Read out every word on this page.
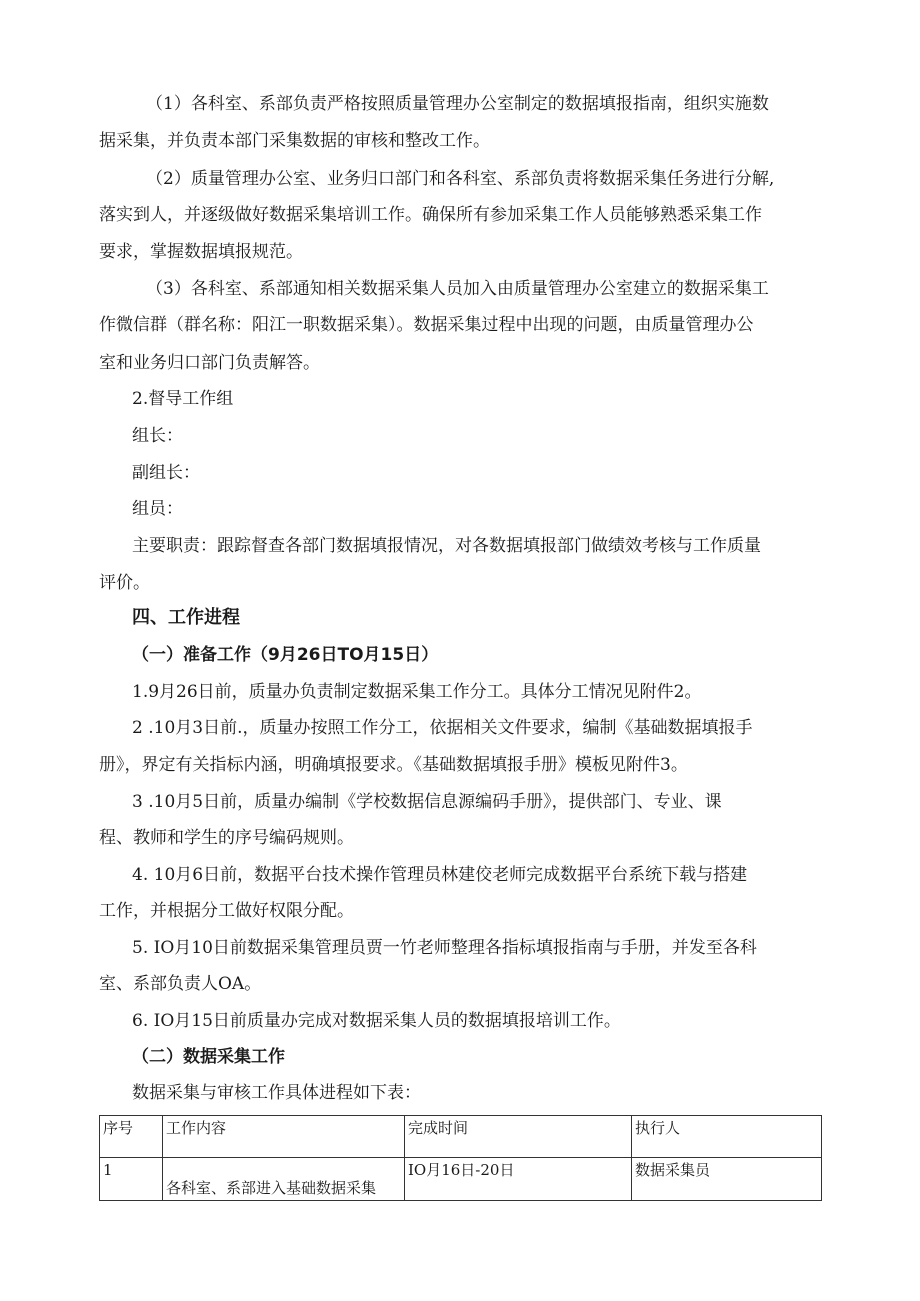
（1）各科室、系部负责严格按照质量管理办公室制定的数据填报指南，组织实施数
据采集，并负责本部门采集数据的审核和整改工作。
（2）质量管理办公室、业务归口部门和各科室、系部负责将数据采集任务进行分解,
落实到人，并逐级做好数据采集培训工作。确保所有参加采集工作人员能够熟悉采集工作
要求，掌握数据填报规范。
（3）各科室、系部通知相关数据采集人员加入由质量管理办公室建立的数据采集工
作微信群（群名称：阳江一职数据采集）。数据采集过程中出现的问题，由质量管理办公
室和业务归口部门负责解答。
2.督导工作组
组长：
副组长：
组员：
主要职责：跟踪督查各部门数据填报情况，对各数据填报部门做绩效考核与工作质量
评价。
四、工作进程
（一）准备工作（9月26日TO月15日）
1.9月26日前，质量办负责制定数据采集工作分工。具体分工情况见附件2。
2 .10月3日前.，质量办按照工作分工，依据相关文件要求，编制《基础数据填报手
册》，界定有关指标内涵，明确填报要求。《基础数据填报手册》模板见附件3。
3 .10月5日前，质量办编制《学校数据信息源编码手册》，提供部门、专业、课
程、教师和学生的序号编码规则。
4. 10月6日前，数据平台技术操作管理员林建佼老师完成数据平台系统下载与搭建
工作，并根据分工做好权限分配。
5. IO月10日前数据采集管理员贾一竹老师整理各指标填报指南与手册，并发至各科
室、系部负责人OA。
6. IO月15日前质量办完成对数据采集人员的数据填报培训工作。
（二）数据采集工作
数据采集与审核工作具体进程如下表：
序号	工作内容	完成时间	执行人
1	各科室、系部进入基础数据采集	IO月16日-20日	数据采集员
